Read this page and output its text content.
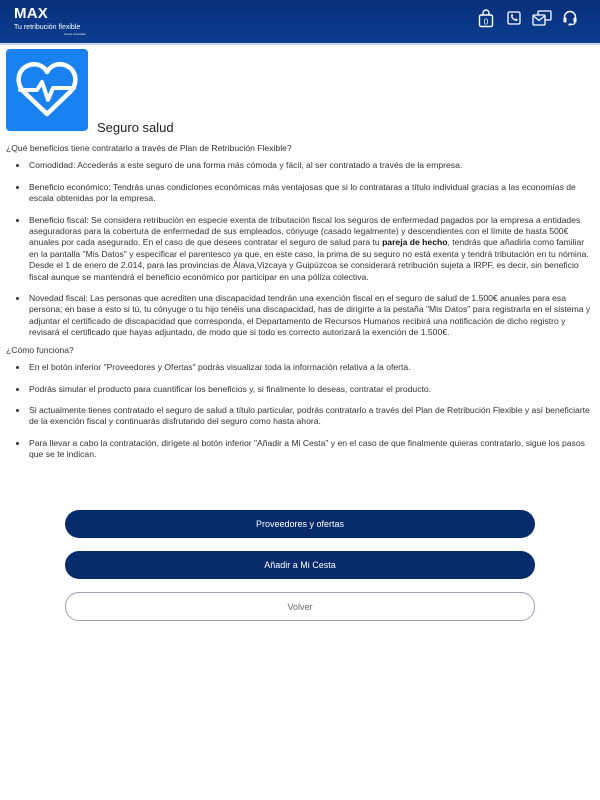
MAX
Tu retribución flexible
Grupo vinculado
0
Seguro salud

¿Qué beneficios tiene contratarlo a través de Plan de Retribución Flexible?

• Comodidad: Accederás a este seguro de una forma más cómoda y fácil, al ser contratado a través de la empresa.
• Beneficio económico: Tendrás unas condiciones económicas más ventajosas que si lo contrataras a título individual gracias a las economías de escala obtenidas por la empresa.
• Beneficio fiscal: Se considera retribución en especie exenta de tributación fiscal los seguros de enfermedad pagados por la empresa a entidades aseguradoras para la cobertura de enfermedad de sus empleados, cónyuge (casado legalmente) y descendientes con el límite de hasta 500€ anuales por cada asegurado. En el caso de que desees contratar el seguro de salud para tu pareja de hecho, tendrás que añadirla como familiar en la pantalla "Mis Datos" y especificar el parentesco ya que, en este caso, la prima de su seguro no está exenta y tendrá tributación en tu nómina.
Desde el 1 de enero de 2.014, para las provincias de Álava,Vizcaya y Guipúzcoa se considerará retribución sujeta a IRPF, es decir, sin beneficio fiscal aunque se mantendrá el beneficio económico por participar en una póliza colectiva.
• Novedad fiscal: Las personas que acrediten una discapacidad tendrán una exención fiscal en el seguro de salud de 1.500€ anuales para esa persona; en base a esto si tú, tu cónyuge o tu hijo tenéis una discapacidad, has de dirigirte a la pestaña "Mis Datos" para registrarla en el sistema y adjuntar el certificado de discapacidad que corresponda, el Departamento de Recursos Humanos recibirá una notificación de dicho registro y revisará el certificado que hayas adjuntado, de modo que si todo es correcto autorizará la exención de 1.500€.

¿Cómo funciona?

• En el botón inferior "Proveedores y Ofertas" podrás visualizar toda la información relativa a la oferta.
• Podrás simular el producto para cuantificar los beneficios y, si finalmente lo deseas, contratar el producto.
• Si actualmente tienes contratado el seguro de salud a título particular, podrás contratarlo a través del Plan de Retribución Flexible y así beneficiarte de la exención fiscal y continuarás disfrutando del seguro como hasta ahora.
• Para llevar a cabo la contratación, dirígete al botón inferior "Añadir a Mi Cesta" y en el caso de que finalmente quieras contratarlo, sigue los pasos que se te indican.
Proveedores y ofertas
Añadir a Mi Cesta
Volver
